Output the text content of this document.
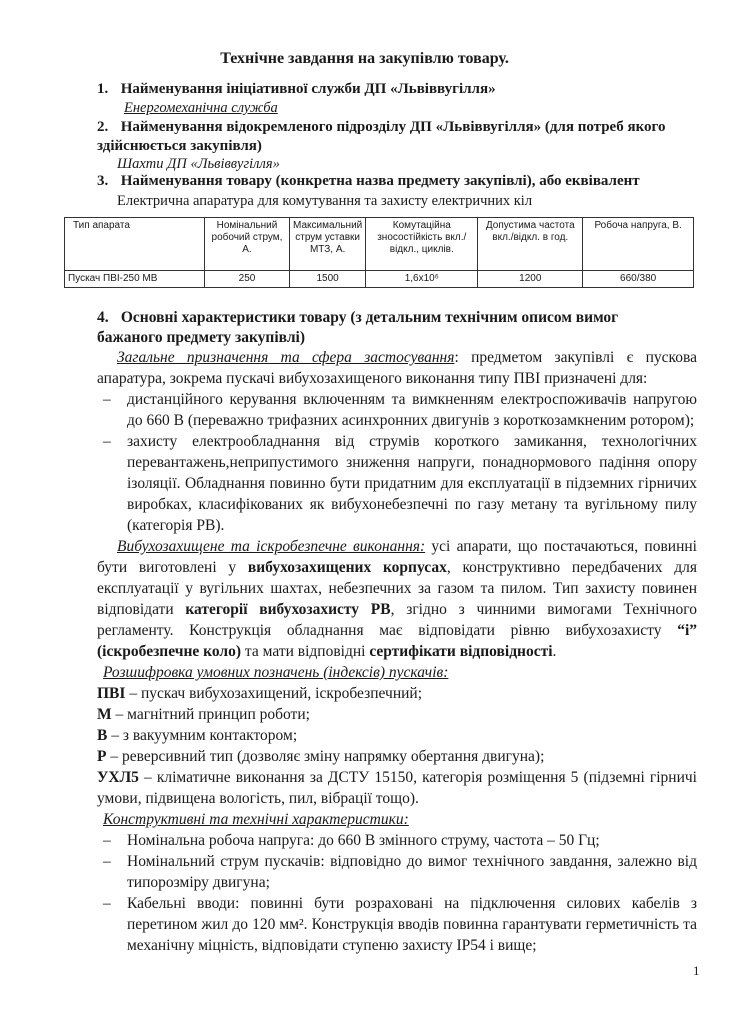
Технічне завдання на закупівлю товару.
1. Найменування ініціативної служби ДП «Львіввугілля»
Енергомеханічна служба
2. Найменування відокремленого підрозділу ДП «Львіввугілля» (для потреб якого здійснюється закупівля)
Шахти ДП «Львіввугілля»
3. Найменування товару (конкретна назва предмету закупівлі), або еквівалент
Електрична апаратура для комутування та захисту електричних кіл
Тип апарата	Номінальний робочий струм, А.	Максимальний струм уставки МТЗ, А.	Комутаційна зносостійкість вкл./відкл., циклів.	Допустима частота вкл./відкл. в год.	Робоча напруга, В.
Пускач ПВІ-250 МВ	250	1500	1,6х10⁶	1200	660/380
4. Основні характеристики товару (з детальним технічним описом вимог бажаного предмету закупівлі)
Загальне призначення та сфера застосування: предметом закупівлі є пускова апаратура, зокрема пускачі вибухозахищеного виконання типу ПВІ призначені для:
– дистанційного керування включенням та вимкненням електроспоживачів напругою до 660 В (переважно трифазних асинхронних двигунів з короткозамкненим ротором);
– захисту електрообладнання від струмів короткого замикання, технологічних перевантажень,неприпустимого зниження напруги, понаднормового падіння опору ізоляції. Обладнання повинно бути придатним для експлуатації в підземних гірничих виробках, класифікованих як вибухонебезпечні по газу метану та вугільному пилу (категорія РВ).
Вибухозахищене та іскробезпечне виконання: усі апарати, що постачаються, повинні бути виготовлені у вибухозахищених корпусах, конструктивно передбачених для експлуатації у вугільних шахтах, небезпечних за газом та пилом. Тип захисту повинен відповідати категорії вибухозахисту РВ, згідно з чинними вимогами Технічного регламенту. Конструкція обладнання має відповідати рівню вибухозахисту “і” (іскробезпечне коло) та мати відповідні сертифікати відповідності.
Розшифровка умовних позначень (індексів) пускачів:
ПВІ – пускач вибухозахищений, іскробезпечний;
М – магнітний принцип роботи;
В – з вакуумним контактором;
Р – реверсивний тип (дозволяє зміну напрямку обертання двигуна);
УХЛ5 – кліматичне виконання за ДСТУ 15150, категорія розміщення 5 (підземні гірничі умови, підвищена вологість, пил, вібрації тощо).
Конструктивні та технічні характеристики:
– Номінальна робоча напруга: до 660 В змінного струму, частота – 50 Гц;
– Номінальний струм пускачів: відповідно до вимог технічного завдання, залежно від типорозміру двигуна;
– Кабельні вводи: повинні бути розраховані на підключення силових кабелів з перетином жил до 120 мм². Конструкція вводів повинна гарантувати герметичність та механічну міцність, відповідати ступеню захисту IP54 і вище;
1
